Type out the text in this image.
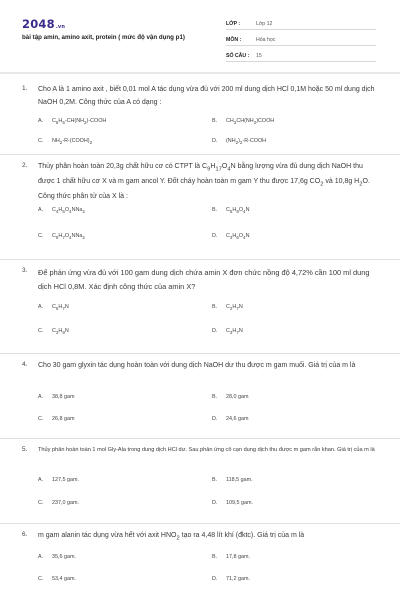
2048.vn
bài tập amin, amino axit, protein ( mức độ vận dụng p1)
LỚP :	Lớp 12
MÔN :	Hóa học
SỐ CÂU :	15
1. Cho A là 1 amino axit , biết 0,01 mol A tác dụng vừa đủ với 200 ml dung dịch HCl 0,1M hoặc 50 ml dung dịch NaOH 0,2M. Công thức của A có dạng :
A. $C_6H_5-CH(NH_2)$-COOH	B. $CH_3CH(NH_2)COOH$
C. $NH_2-R-(COOH)_2$	D. $(NH_2)_2-R$-COOH
2. Thủy phân hoàn toàn 20,3g chất hữu cơ có CTPT là $C_9H_{17}O_4N$ bằng lượng vừa đủ dung dịch NaOH thu được 1 chất hữu cơ X và m gam ancol Y. Đốt cháy hoàn toàn m gam Y thu được 17,6g $CO_2$ và 10,8g $H_2O$. Công thức phân tử của X là :
A. $C_4H_5O_4NNa_2$	B. $C_5H_9O_4N$
C. $C_5H_7O_4NNa_2$	D. $C_3H_6O_4N$
3. Để phản ứng vừa đủ với 100 gam dung dịch chứa amin X đơn chức nồng độ 4,72% cần 100 ml dung dịch HCl 0,8M. Xác định công thức của amin X?
A. $C_6H_7N$	B. $C_2H_7N$
C. $C_3H_9N$	D. $C_3H_7N$
4. Cho 30 gam glyxin tác dụng hoàn toàn với dung dịch NaOH dư thu được m gam muối. Giá trị của m là
A. 38,8 gam	B. 28,0 gam
C. 26,8 gam	D. 24,6 gam
5. Thủy phân hoàn toàn 1 mol Gly-Ala trong dung dịch HCl dư. Sau phản ứng cô cạn dung dịch thu được m gam rắn khan. Giá trị của m là
A. 127,5 gam.	B. 118,5 gam.
C. 237,0 gam.	D. 109,5 gam.
6. m gam alanin tác dụng vừa hết với axit $HNO_2$ tạo ra 4,48 lít khí (đktc). Giá trị của m là
A. 35,6 gam.	B. 17,8 gam.
C. 53,4 gam.	D. 71,2 gam.
